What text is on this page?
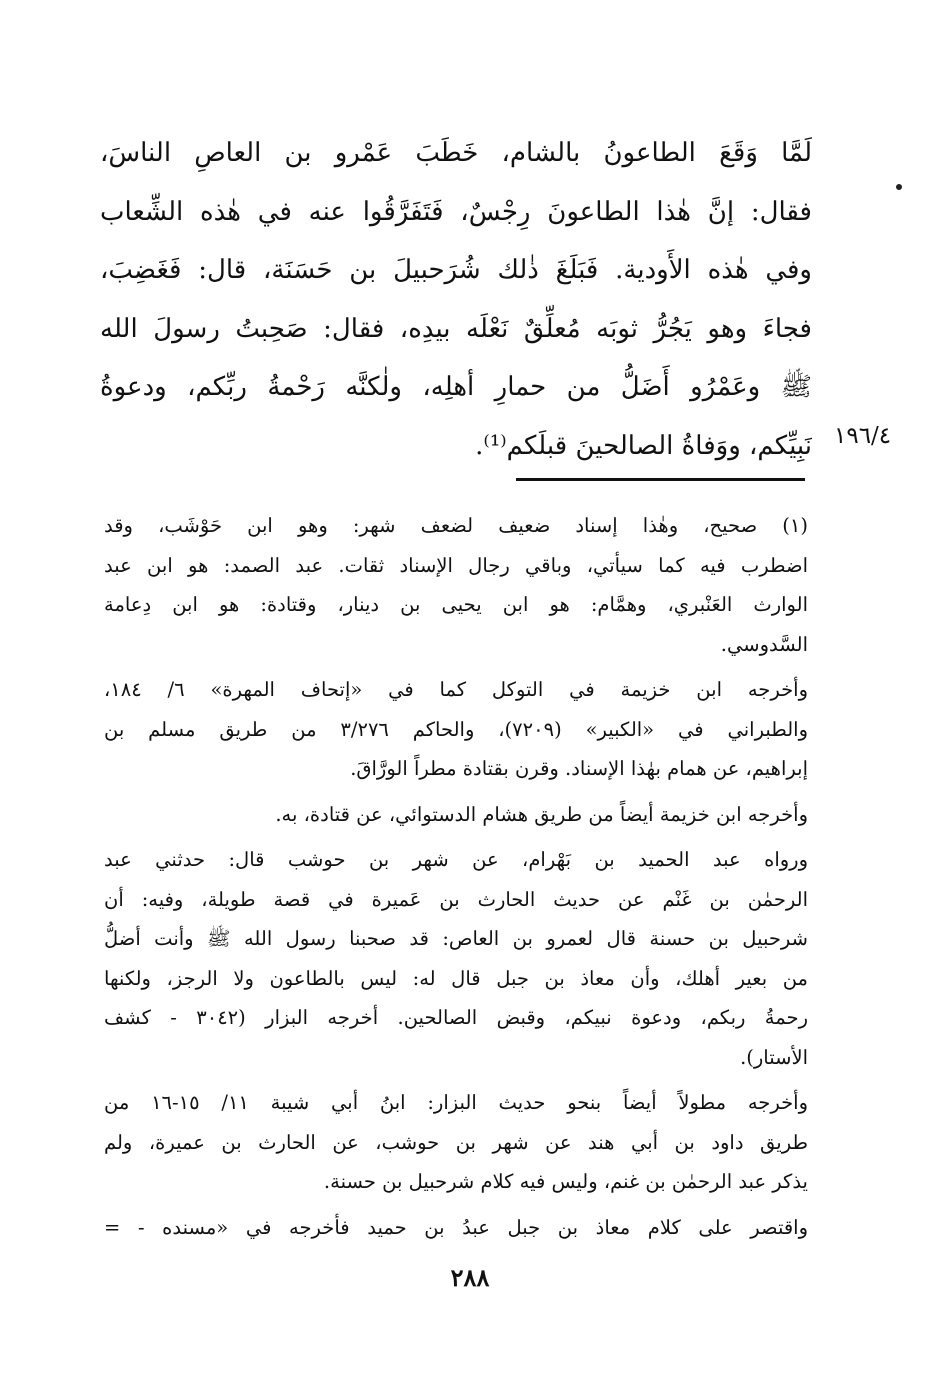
لَمَّا وَقَعَ الطاعونُ بالشام، خَطَبَ عَمْرو بن العاصِ الناسَ،
فقال: إنَّ هٰذا الطاعونَ رِجْسٌ، فَتَفَرَّقُوا عنه في هٰذه الشِّعاب
وفي هٰذه الأَودية. فَبَلَغَ ذٰلك شُرَحبيلَ بن حَسَنَة، قال: فَغَضِبَ،
فجاءَ وهو يَجُرُّ ثوبَه مُعلِّقٌ نَعْلَه بيدِه، فقال: صَحِبتُ رسولَ الله
ﷺ وعَمْرُو أَضَلُّ من حمارِ أهلِه، ولٰكنَّه رَحْمةُ ربِّكم، ودعوةُ
نَبِيِّكم، ووَفاةُ الصالحينَ قبلَكم⁽¹⁾. ١٩٦/٤
(١) صحيح، وهٰذا إسناد ضعيف لضعف شهر: وهو ابن حَوْشَب، وقد
اضطرب فيه كما سيأتي، وباقي رجال الإسناد ثقات. عبد الصمد: هو ابن عبد
الوارث العَنْبري، وهمَّام: هو ابن يحيى بن دينار، وقتادة: هو ابن دِعامة
السَّدوسي.
وأخرجه ابن خزيمة في التوكل كما في «إتحاف المهرة» ٦/ ١٨٤،
والطبراني في «الكبير» (٧٢٠٩)، والحاكم ٣/٢٧٦ من طريق مسلم بن
إبراهيم، عن همام بهٰذا الإسناد. وقرن بقتادة مطراً الورَّاقَ.
وأخرجه ابن خزيمة أيضاً من طريق هشام الدستوائي، عن قتادة، به.
ورواه عبد الحميد بن بَهْرام، عن شهر بن حوشب قال: حدثني عبد
الرحمٰن بن غَنْم عن حديث الحارث بن عَميرة في قصة طويلة، وفيه: أن
شرحبيل بن حسنة قال لعمرو بن العاص: قد صحبنا رسول الله ﷺ وأنت أضلُّ
من بعير أهلك، وأن معاذ بن جبل قال له: ليس بالطاعون ولا الرجز، ولكنها
رحمةُ ربكم، ودعوة نبيكم، وقبض الصالحين. أخرجه البزار (٣٠٤٢ - كشف
الأستار).
وأخرجه مطولاً أيضاً بنحو حديث البزار: ابنُ أبي شيبة ١١/ ١٥-١٦ من
طريق داود بن أبي هند عن شهر بن حوشب، عن الحارث بن عميرة، ولم
يذكر عبد الرحمٰن بن غنم، وليس فيه كلام شرحبيل بن حسنة.
واقتصر على كلام معاذ بن جبل عبدُ بن حميد فأخرجه في «مسنده - =
٢٨٨
